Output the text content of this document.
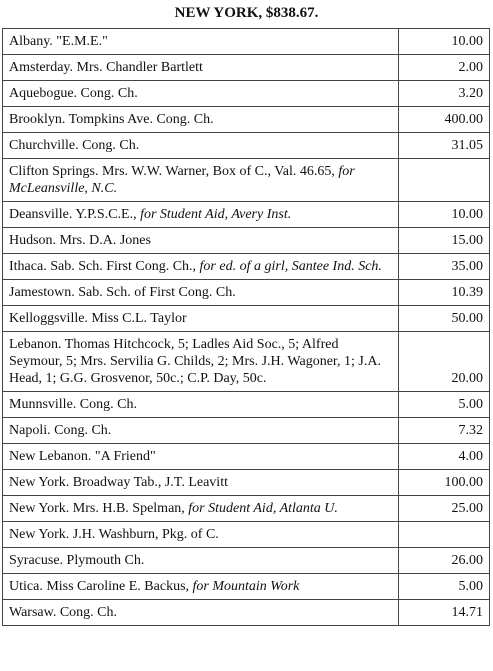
NEW YORK, $838.67.
Albany. "E.M.E."	10.00
Amsterday. Mrs. Chandler Bartlett	2.00
Aquebogue. Cong. Ch.	3.20
Brooklyn. Tompkins Ave. Cong. Ch.	400.00
Churchville. Cong. Ch.	31.05
Clifton Springs. Mrs. W.W. Warner, Box of C., Val. 46.65, for McLeansville, N.C.	
Deansville. Y.P.S.C.E., for Student Aid, Avery Inst.	10.00
Hudson. Mrs. D.A. Jones	15.00
Ithaca. Sab. Sch. First Cong. Ch., for ed. of a girl, Santee Ind. Sch.	35.00
Jamestown. Sab. Sch. of First Cong. Ch.	10.39
Kelloggsville. Miss C.L. Taylor	50.00
Lebanon. Thomas Hitchcock, 5; Ladles Aid Soc., 5; Alfred Seymour, 5; Mrs. Servilia G. Childs, 2; Mrs. J.H. Wagoner, 1; J.A. Head, 1; G.G. Grosvenor, 50c.; C.P. Day, 50c.	20.00
Munnsville. Cong. Ch.	5.00
Napoli. Cong. Ch.	7.32
New Lebanon. "A Friend"	4.00
New York. Broadway Tab., J.T. Leavitt	100.00
New York. Mrs. H.B. Spelman, for Student Aid, Atlanta U.	25.00
New York. J.H. Washburn, Pkg. of C.	
Syracuse. Plymouth Ch.	26.00
Utica. Miss Caroline E. Backus, for Mountain Work	5.00
Warsaw. Cong. Ch.	14.71
